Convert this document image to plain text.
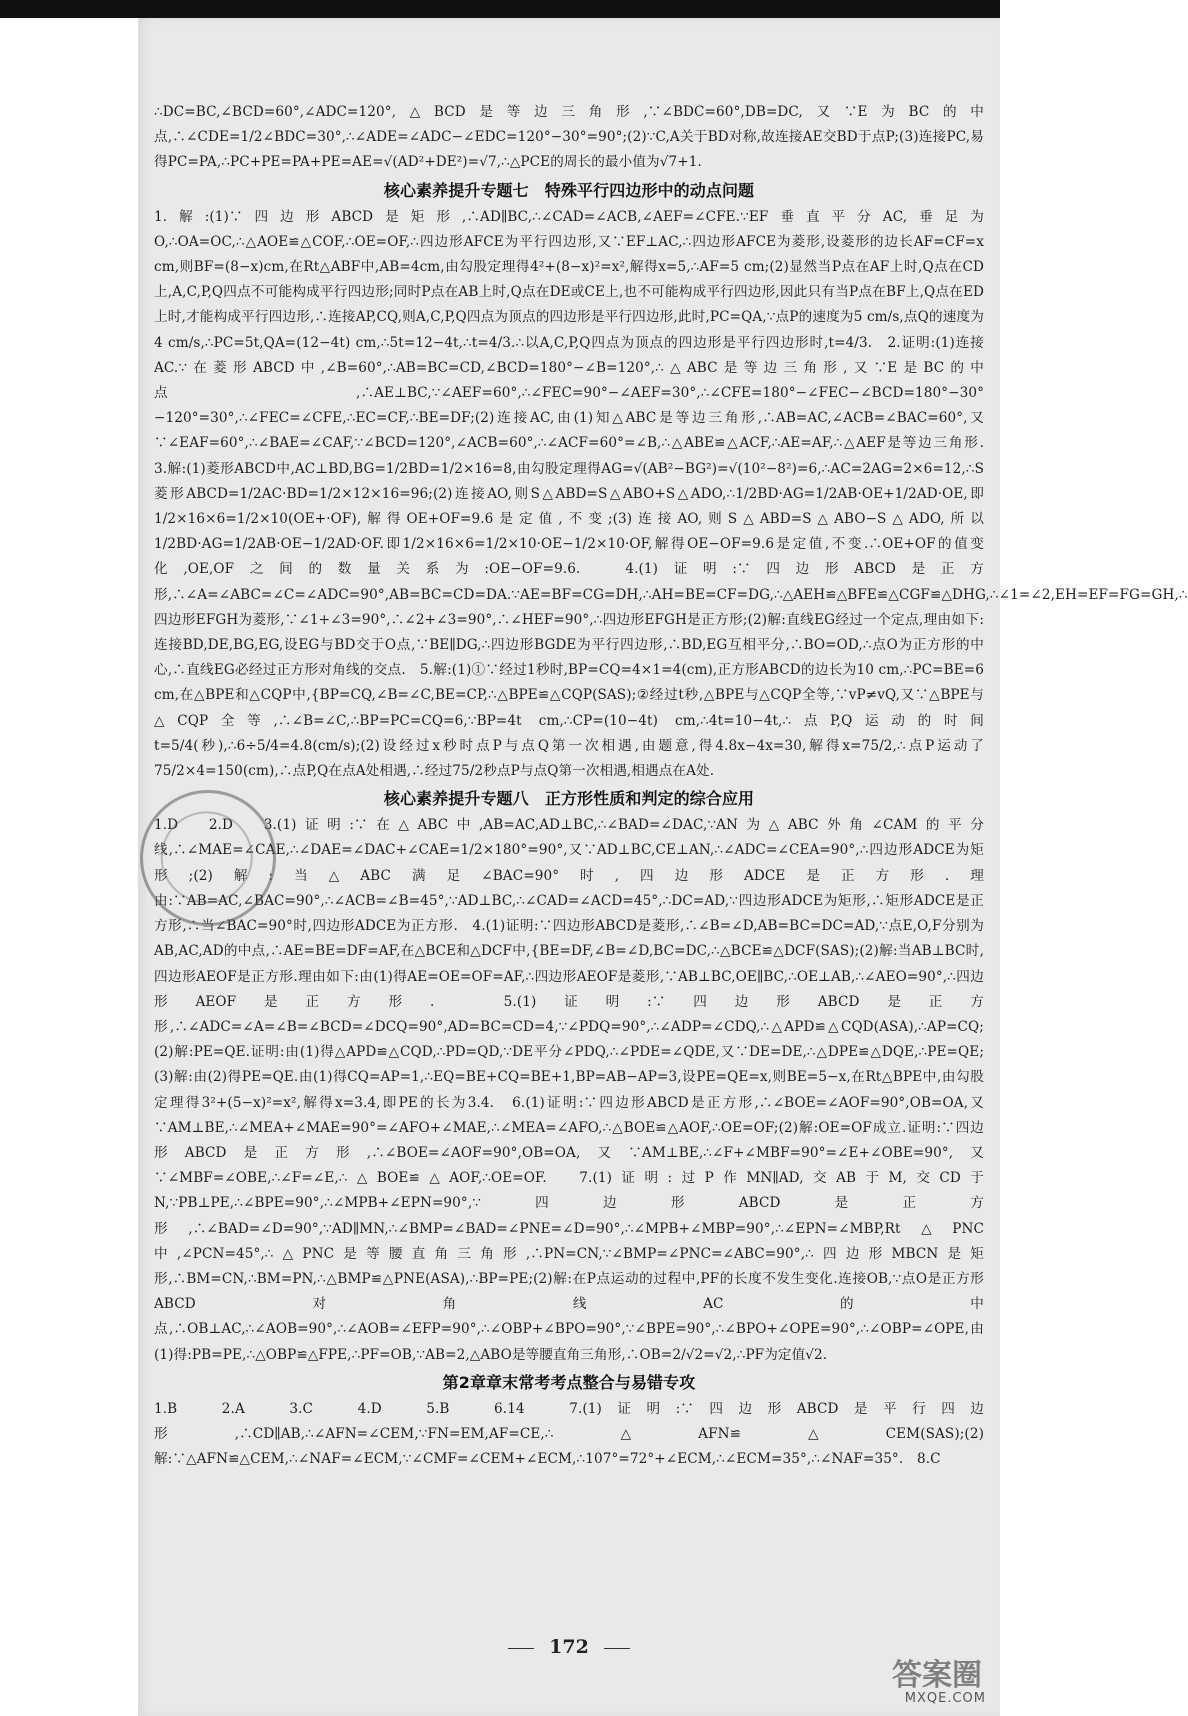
∴DC=BC,∠BCD=60°,∠ADC=120°,△BCD是等边三角形,∵∠BDC=60°,DB=DC,又∵E为BC的中点,∴∠CDE=1/2∠BDC=30°,∴∠ADE=∠ADC−∠EDC=120°−30°=90°;(2)∵C,A关于BD对称,故连接AE交BD于点P;(3)连接PC,易得PC=PA,∴PC+PE=PA+PE=AE=√(AD²+DE²)=√7,∴△PCE的周长的最小值为√7+1.

核心素养提升专题七　特殊平行四边形中的动点问题

1.解:(1)∵四边形ABCD是矩形,∴AD∥BC,∴∠CAD=∠ACB,∠AEF=∠CFE.∵EF垂直平分AC,垂足为O,∴OA=OC,∴△AOE≌△COF,∴OE=OF,∴四边形AFCE为平行四边形,又∵EF⊥AC,∴四边形AFCE为菱形,设菱形的边长AF=CF=x cm,则BF=(8−x)cm,在Rt△ABF中,AB=4cm,由勾股定理得4²+(8−x)²=x²,解得x=5,∴AF=5 cm;(2)显然当P点在AF上时,Q点在CD上,A,C,P,Q四点不可能构成平行四边形;同时P点在AB上时,Q点在DE或CE上,也不可能构成平行四边形,因此只有当P点在BF上,Q点在ED上时,才能构成平行四边形,∴连接AP,CQ,则A,C,P,Q四点为顶点的四边形是平行四边形,此时,PC=QA,∵点P的速度为5 cm/s,点Q的速度为4 cm/s,∴PC=5t,QA=(12−4t) cm,∴5t=12−4t,∴t=4/3.∴以A,C,P,Q四点为顶点的四边形是平行四边形时,t=4/3.　2.证明:(1)连接AC.∵在菱形ABCD中,∠B=60°,∴AB=BC=CD,∠BCD=180°−∠B=120°,∴△ABC是等边三角形,又∵E是BC的中点,∴AE⊥BC,∵∠AEF=60°,∴∠FEC=90°−∠AEF=30°,∴∠CFE=180°−∠FEC−∠BCD=180°−30°−120°=30°,∴∠FEC=∠CFE,∴EC=CF,∴BE=DF;(2)连接AC,由(1)知△ABC是等边三角形,∴AB=AC,∠ACB=∠BAC=60°,又∵∠EAF=60°,∴∠BAE=∠CAF,∵∠BCD=120°,∠ACB=60°,∴∠ACF=60°=∠B,∴△ABE≌△ACF,∴AE=AF,∴△AEF是等边三角形.　3.解:(1)菱形ABCD中,AC⊥BD,BG=1/2BD=1/2×16=8,由勾股定理得AG=√(AB²−BG²)=√(10²−8²)=6,∴AC=2AG=2×6=12,∴S菱形ABCD=1/2AC·BD=1/2×12×16=96;(2)连接AO,则S△ABD=S△ABO+S△ADO,∴1/2BD·AG=1/2AB·OE+1/2AD·OE,即1/2×16×6=1/2×10(OE+·OF),解得OE+OF=9.6是定值,不变;(3)连接AO,则S△ABD=S△ABO−S△ADO,所以1/2BD·AG=1/2AB·OE−1/2AD·OF.即1/2×16×6=1/2×10·OE−1/2×10·OF,解得OE−OF=9.6是定值,不变.∴OE+OF的值变化,OE,OF之间的数量关系为:OE−OF=9.6.　4.(1)证明:∵四边形ABCD是正方形,∴∠A=∠ABC=∠C=∠ADC=90°,AB=BC=CD=DA.∵AE=BF=CG=DH,∴AH=BE=CF=DG,∴△AEH≌△BFE≌△CGF≌△DHG,∴∠1=∠2,EH=EF=FG=GH,∴四边形EFGH为菱形,∵∠1+∠3=90°,∴∠2+∠3=90°,∴∠HEF=90°,∴四边形EFGH是正方形;(2)解:直线EG经过一个定点,理由如下:连接BD,DE,BG,EG,设EG与BD交于O点,∵BE∥DG,∴四边形BGDE为平行四边形,∴BD,EG互相平分,∴BO=OD,∴点O为正方形的中心,∴直线EG必经过正方形对角线的交点.　5.解:(1)①∵经过1秒时,BP=CQ=4×1=4(cm),正方形ABCD的边长为10 cm,∴PC=BE=6 cm,在△BPE和△CQP中,{BP=CQ,∠B=∠C,BE=CP,∴△BPE≌△CQP(SAS);②经过t秒,△BPE与△CQP全等,∵vP≠vQ,又∵△BPE与△CQP全等,∴∠B=∠C,∴BP=PC=CQ=6,∵BP=4t cm,∴CP=(10−4t) cm,∴4t=10−4t,∴点P,Q运动的时间t=5/4(秒),∴6÷5/4=4.8(cm/s);(2)设经过x秒时点P与点Q第一次相遇,由题意,得4.8x−4x=30,解得x=75/2,∴点P运动了75/2×4=150(cm),∴点P,Q在点A处相遇,∴经过75/2秒点P与点Q第一次相遇,相遇点在A处.

核心素养提升专题八　正方形性质和判定的综合应用

1.D　2.D　3.(1)证明:∵在△ABC中,AB=AC,AD⊥BC,∴∠BAD=∠DAC,∵AN为△ABC外角∠CAM的平分线,∴∠MAE=∠CAE,∴∠DAE=∠DAC+∠CAE=1/2×180°=90°,又∵AD⊥BC,CE⊥AN,∴∠ADC=∠CEA=90°,∴四边形ADCE为矩形;(2)解:当△ABC满足∠BAC=90°时,四边形ADCE是正方形.理由:∵AB=AC,∠BAC=90°,∴∠ACB=∠B=45°,∵AD⊥BC,∴∠CAD=∠ACD=45°,∴DC=AD,∵四边形ADCE为矩形,∴矩形ADCE是正方形,∴当∠BAC=90°时,四边形ADCE为正方形.　4.(1)证明:∵四边形ABCD是菱形,∴∠B=∠D,AB=BC=DC=AD,∵点E,O,F分别为AB,AC,AD的中点,∴AE=BE=DF=AF,在△BCE和△DCF中,{BE=DF,∠B=∠D,BC=DC,∴△BCE≌△DCF(SAS);(2)解:当AB⊥BC时,四边形AEOF是正方形.理由如下:由(1)得AE=OE=OF=AF,∴四边形AEOF是菱形,∵AB⊥BC,OE∥BC,∴OE⊥AB,∴∠AEO=90°,∴四边形AEOF是正方形.　5.(1)证明:∵四边形ABCD是正方形,∴∠ADC=∠A=∠B=∠BCD=∠DCQ=90°,AD=BC=CD=4,∵∠PDQ=90°,∴∠ADP=∠CDQ,∴△APD≌△CQD(ASA),∴AP=CQ;(2)解:PE=QE.证明:由(1)得△APD≌△CQD,∴PD=QD,∵DE平分∠PDQ,∴∠PDE=∠QDE,又∵DE=DE,∴△DPE≌△DQE,∴PE=QE;(3)解:由(2)得PE=QE.由(1)得CQ=AP=1,∴EQ=BE+CQ=BE+1,BP=AB−AP=3,设PE=QE=x,则BE=5−x,在Rt△BPE中,由勾股定理得3²+(5−x)²=x²,解得x=3.4,即PE的长为3.4.　6.(1)证明:∵四边形ABCD是正方形,∴∠BOE=∠AOF=90°,OB=OA,又∵AM⊥BE,∴∠MEA+∠MAE=90°=∠AFO+∠MAE,∴∠MEA=∠AFO,∴△BOE≌△AOF,∴OE=OF;(2)解:OE=OF成立.证明:∵四边形ABCD是正方形,∴∠BOE=∠AOF=90°,OB=OA,又∵AM⊥BE,∴∠F+∠MBF=90°=∠E+∠OBE=90°,又∵∠MBF=∠OBE,∴∠F=∠E,∴△BOE≌△AOF,∴OE=OF.　7.(1)证明:过P作MN∥AD,交AB于M,交CD于N,∵PB⊥PE,∴∠BPE=90°,∴∠MPB+∠EPN=90°,∵四边形ABCD是正方形,∴∠BAD=∠D=90°,∵AD∥MN,∴∠BMP=∠BAD=∠PNE=∠D=90°,∴∠MPB+∠MBP=90°,∴∠EPN=∠MBP,Rt△PNC中,∠PCN=45°,∴△PNC是等腰直角三角形,∴PN=CN,∵∠BMP=∠PNC=∠ABC=90°,∴四边形MBCN是矩形,∴BM=CN,∴BM=PN,∴△BMP≌△PNE(ASA),∴BP=PE;(2)解:在P点运动的过程中,PF的长度不发生变化.连接OB,∵点O是正方形ABCD对角线AC的中点,∴OB⊥AC,∴∠AOB=90°,∴∠AOB=∠EFP=90°,∴∠OBP+∠BPO=90°,∵∠BPE=90°,∴∠BPO+∠OPE=90°,∴∠OBP=∠OPE,由(1)得:PB=PE,∴△OBP≌△FPE,∴PF=OB,∵AB=2,△ABO是等腰直角三角形,∴OB=2/√2=√2,∴PF为定值√2.

第2章章末常考考点整合与易错专攻

1.B　2.A　3.C　4.D　5.B　6.14　7.(1)证明:∵四边形ABCD是平行四边形,∴CD∥AB,∴∠AFN=∠CEM,∵FN=EM,AF=CE,∴△AFN≌△CEM(SAS);(2)解:∵△AFN≌△CEM,∴∠NAF=∠ECM,∵∠CMF=∠CEM+∠ECM,∴107°=72°+∠ECM,∴∠ECM=35°,∴∠NAF=35°.　8.C

172
答案圈
MXQE.COM
